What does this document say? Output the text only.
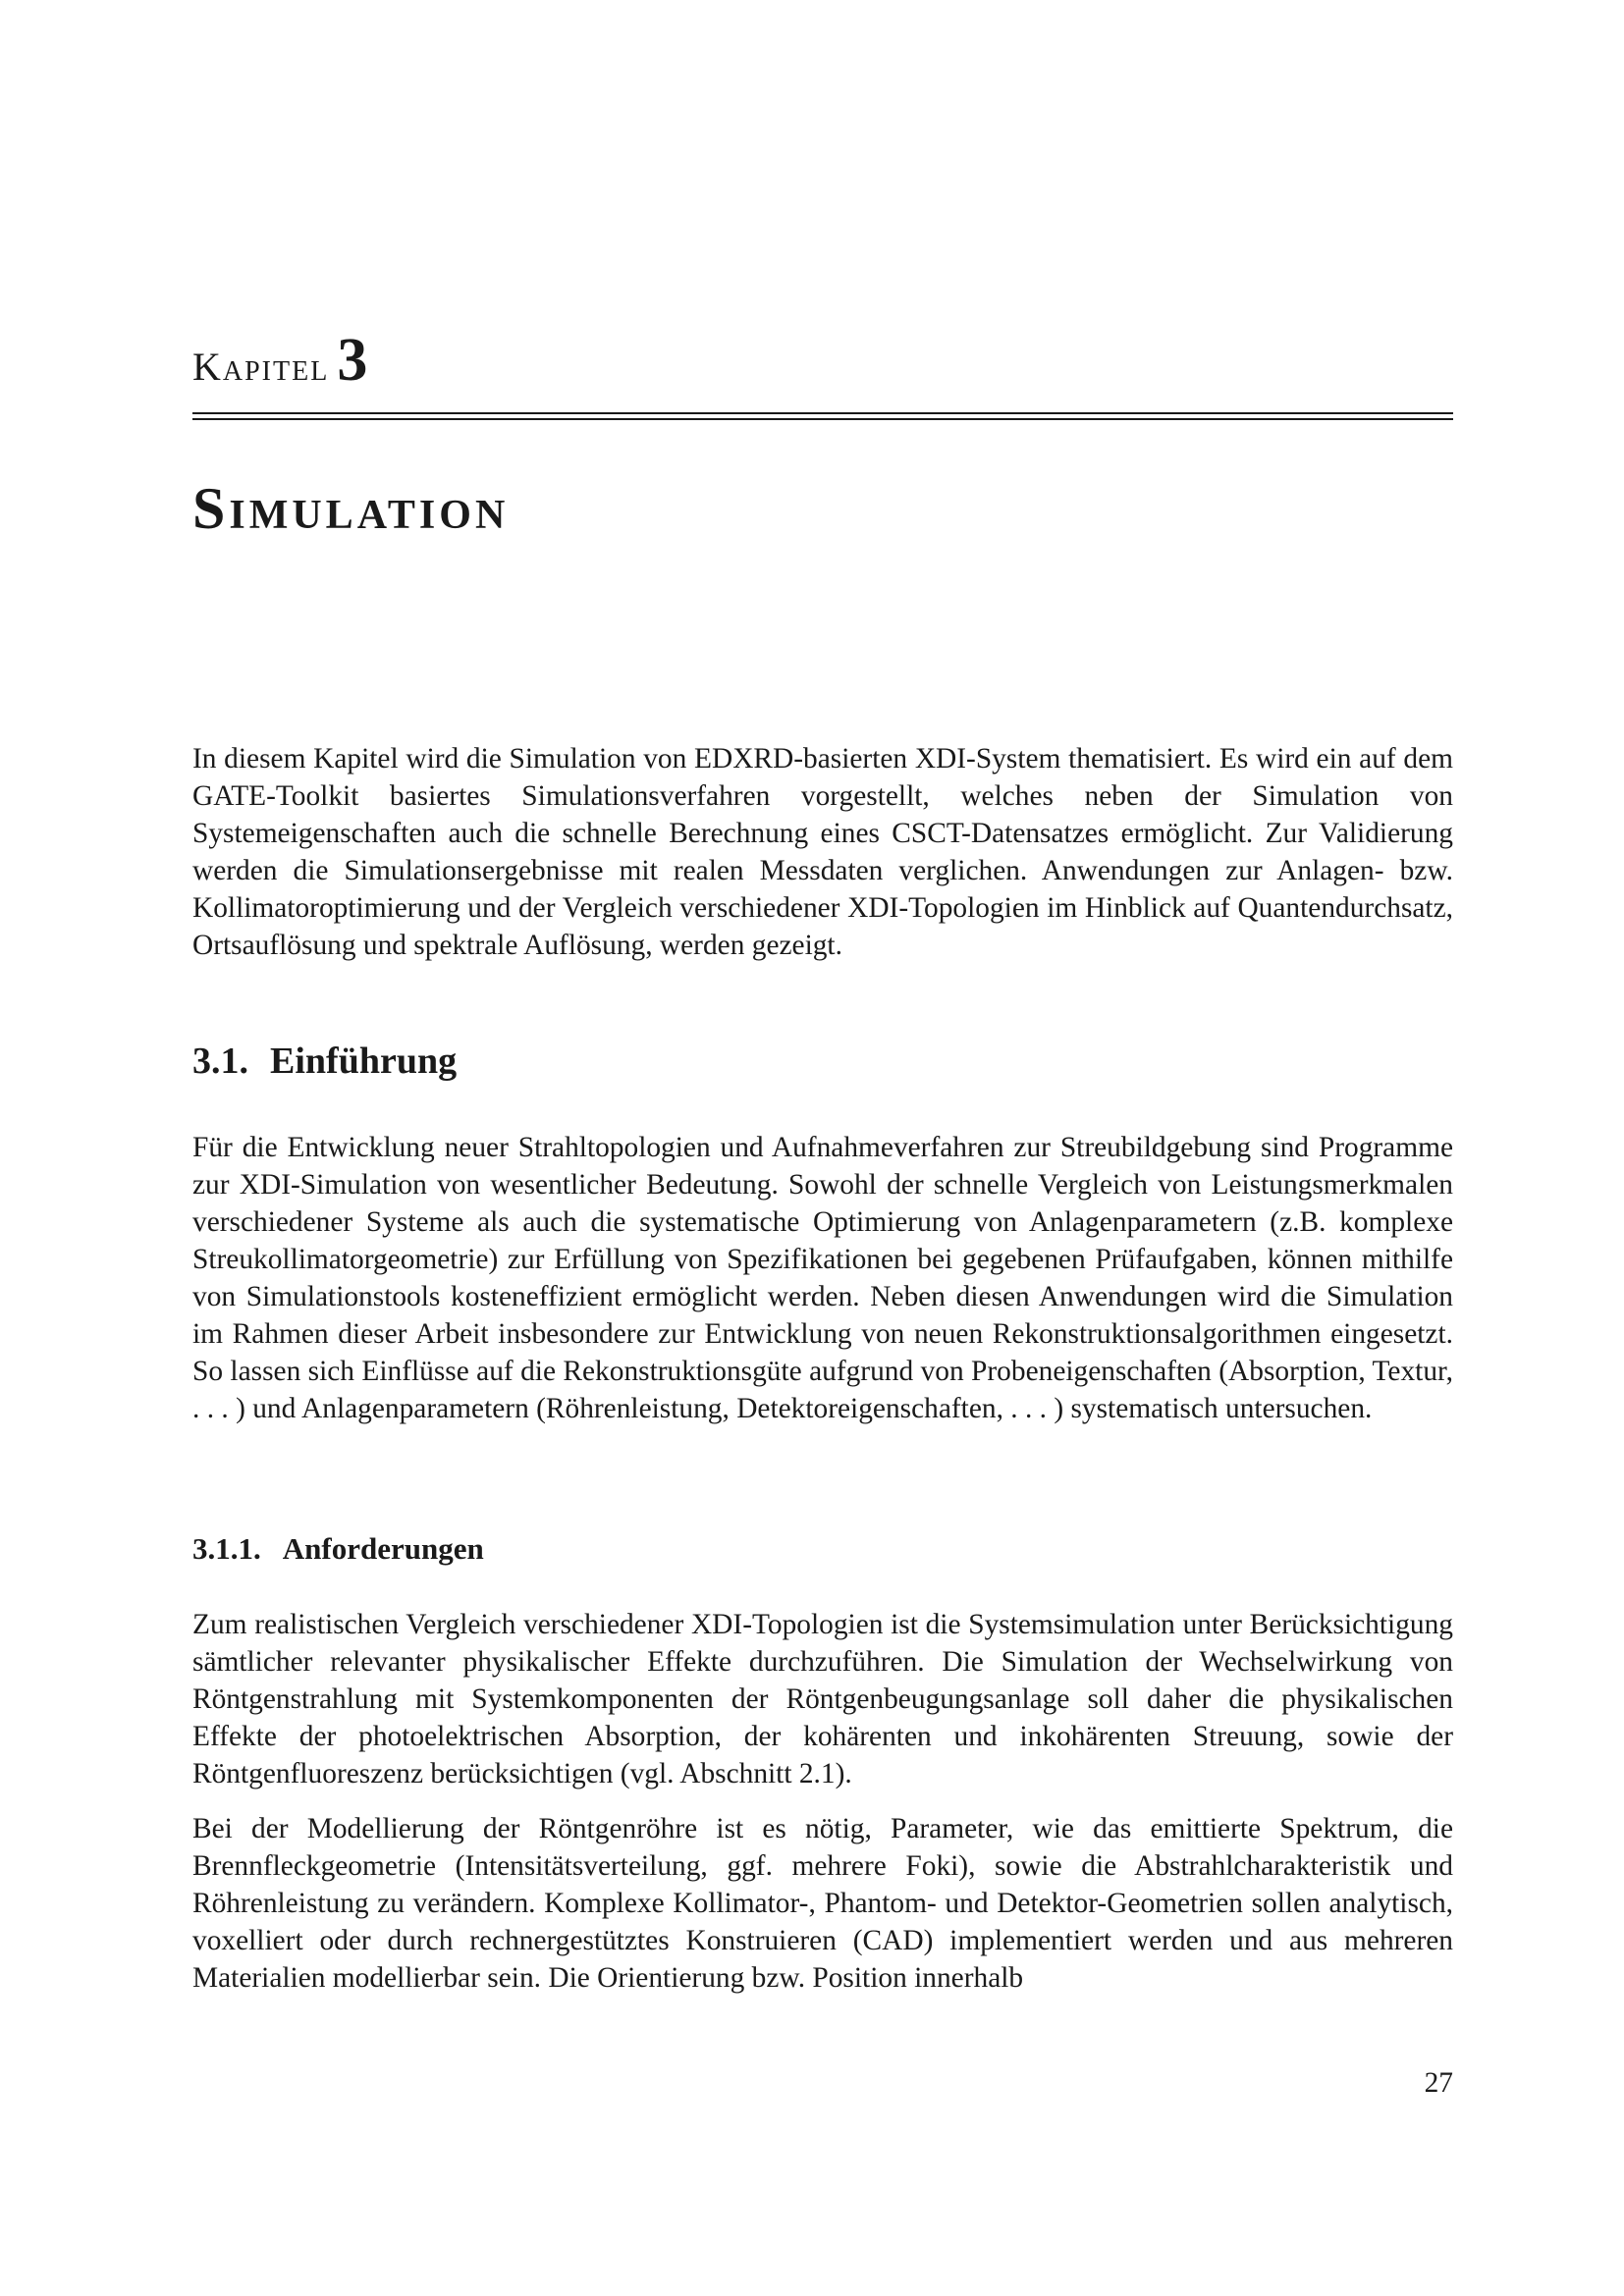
Kapitel 3
Simulation

In diesem Kapitel wird die Simulation von EDXRD-basierten XDI-System thematisiert. Es wird ein auf dem GATE-Toolkit basiertes Simulationsverfahren vorgestellt, welches neben der Simulation von Systemeigenschaften auch die schnelle Berechnung eines CSCT-Datensatzes ermöglicht. Zur Validierung werden die Simulationsergebnisse mit realen Messdaten verglichen. Anwendungen zur Anlagen- bzw. Kollimatoroptimierung und der Vergleich verschiedener XDI-Topologien im Hinblick auf Quantendurchsatz, Ortsauflösung und spektrale Auflösung, werden gezeigt.

3.1. Einführung

Für die Entwicklung neuer Strahltopologien und Aufnahmeverfahren zur Streubildgebung sind Programme zur XDI-Simulation von wesentlicher Bedeutung. Sowohl der schnelle Vergleich von Leistungsmerkmalen verschiedener Systeme als auch die systematische Optimierung von Anlagenparametern (z.B. komplexe Streukollimatorgeometrie) zur Erfüllung von Spezifikationen bei gegebenen Prüfaufgaben, können mithilfe von Simulationstools kosteneffizient ermöglicht werden. Neben diesen Anwendungen wird die Simulation im Rahmen dieser Arbeit insbesondere zur Entwicklung von neuen Rekonstruktionsalgorithmen eingesetzt. So lassen sich Einflüsse auf die Rekonstruktionsgüte aufgrund von Probeneigenschaften (Absorption, Textur, . . . ) und Anlagenparametern (Röhrenleistung, Detektoreigenschaften, . . . ) systematisch untersuchen.

3.1.1. Anforderungen

Zum realistischen Vergleich verschiedener XDI-Topologien ist die Systemsimulation unter Berücksichtigung sämtlicher relevanter physikalischer Effekte durchzuführen. Die Simulation der Wechselwirkung von Röntgenstrahlung mit Systemkomponenten der Röntgenbeugungsanlage soll daher die physikalischen Effekte der photoelektrischen Absorption, der kohärenten und inkohärenten Streuung, sowie der Röntgenfluoreszenz berücksichtigen (vgl. Abschnitt 2.1).

Bei der Modellierung der Röntgenröhre ist es nötig, Parameter, wie das emittierte Spektrum, die Brennfleckgeometrie (Intensitätsverteilung, ggf. mehrere Foki), sowie die Abstrahlcharakteristik und Röhrenleistung zu verändern. Komplexe Kollimator-, Phantom- und Detektor-Geometrien sollen analytisch, voxelliert oder durch rechnergestütztes Konstruieren (CAD) implementiert werden und aus mehreren Materialien modellierbar sein. Die Orientierung bzw. Position innerhalb

27
